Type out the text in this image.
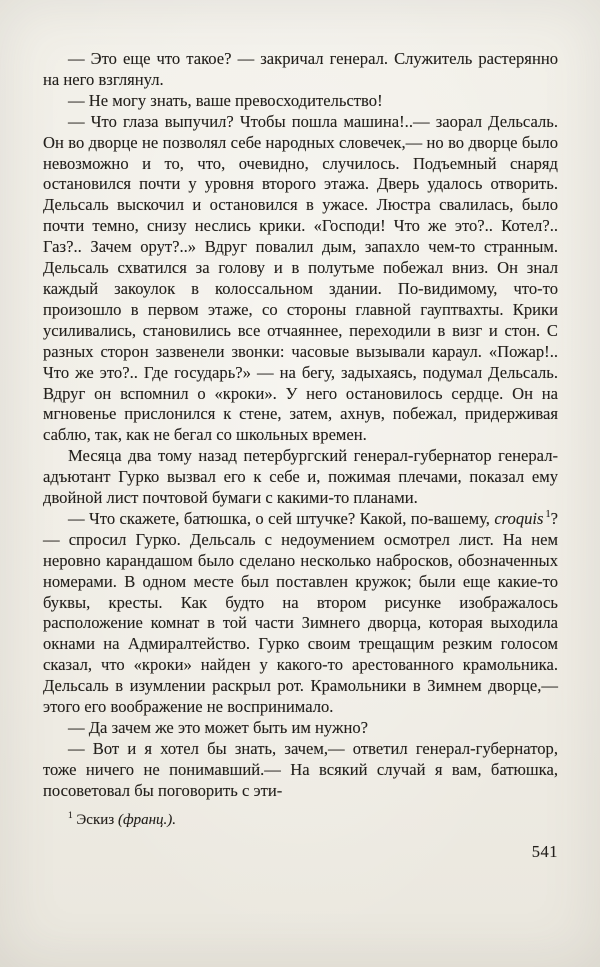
— Это еще что такое? — закричал генерал. Служитель растерянно на него взглянул.

— Не могу знать, ваше превосходительство!

— Что глаза выпучил? Чтобы пошла машина!..— заорал Дельсаль. Он во дворце не позволял себе народных словечек,— но во дворце было невозможно и то, что, очевидно, случилось. Подъемный снаряд остановился почти у уровня второго этажа. Дверь удалось отворить. Дельсаль выскочил и остановился в ужасе. Люстра свалилась, было почти темно, снизу неслись крики. «Господи! Что же это?.. Котел?.. Газ?.. Зачем орут?..» Вдруг повалил дым, запахло чем-то странным. Дельсаль схватился за голову и в полутьме побежал вниз. Он знал каждый закоулок в колоссальном здании. По-видимому, что-то произошло в первом этаже, со стороны главной гауптвахты. Крики усиливались, становились все отчаяннее, переходили в визг и стон. С разных сторон зазвенели звонки: часовые вызывали караул. «Пожар!.. Что же это?.. Где государь?» — на бегу, задыхаясь, подумал Дельсаль. Вдруг он вспомнил о «кроки». У него остановилось сердце. Он на мгновенье прислонился к стене, затем, ахнув, побежал, придерживая саблю, так, как не бегал со школьных времен.

Месяца два тому назад петербургский генерал-губернатор генерал-адъютант Гурко вызвал его к себе и, пожимая плечами, показал ему двойной лист почтовой бумаги с какими-то планами.

— Что скажете, батюшка, о сей штучке? Какой, по-вашему, croquis $^1$? — спросил Гурко. Дельсаль с недоумением осмотрел лист. На нем неровно карандашом было сделано несколько набросков, обозначенных номерами. В одном месте был поставлен кружок; были еще какие-то буквы, кресты. Как будто на втором рисунке изображалось расположение комнат в той части Зимнего дворца, которая выходила окнами на Адмиралтейство. Гурко своим трещащим резким голосом сказал, что «кроки» найден у какого-то арестованного крамольника. Дельсаль в изумлении раскрыл рот. Крамольники в Зимнем дворце,— этого его воображение не воспринимало.

— Да зачем же это может быть им нужно?

— Вот и я хотел бы знать, зачем,— ответил генерал-губернатор, тоже ничего не понимавший.— На всякий случай я вам, батюшка, посоветовал бы поговорить с эти-

$^1$ Эскиз (франц.).
541
